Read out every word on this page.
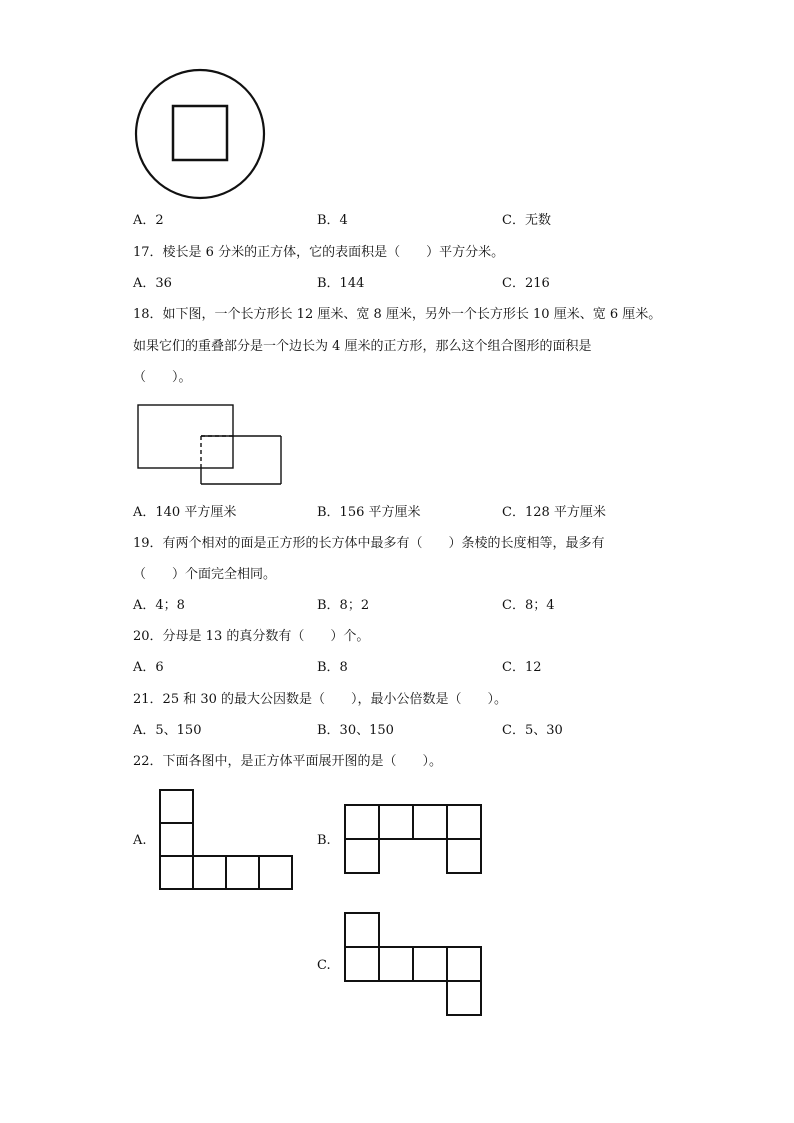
A．2	B．4	C．无数
17．棱长是 6 分米的正方体，它的表面积是（　　）平方分米。
A．36	B．144	C．216
18．如下图，一个长方形长 12 厘米、宽 8 厘米，另外一个长方形长 10 厘米、宽 6 厘米。
如果它们的重叠部分是一个边长为 4 厘米的正方形，那么这个组合图形的面积是
（　　）。
A．140 平方厘米	B．156 平方厘米	C．128 平方厘米
19．有两个相对的面是正方形的长方体中最多有（　　）条棱的长度相等，最多有
（　　）个面完全相同。
A．4；8	B．8；2	C．8；4
20．分母是 13 的真分数有（　　）个。
A．6	B．8	C．12
21．25 和 30 的最大公因数是（　　），最小公倍数是（　　）。
A．5、150	B．30、150	C．5、30
22．下面各图中，是正方体平面展开图的是（　　）。
A.	B.
C.
